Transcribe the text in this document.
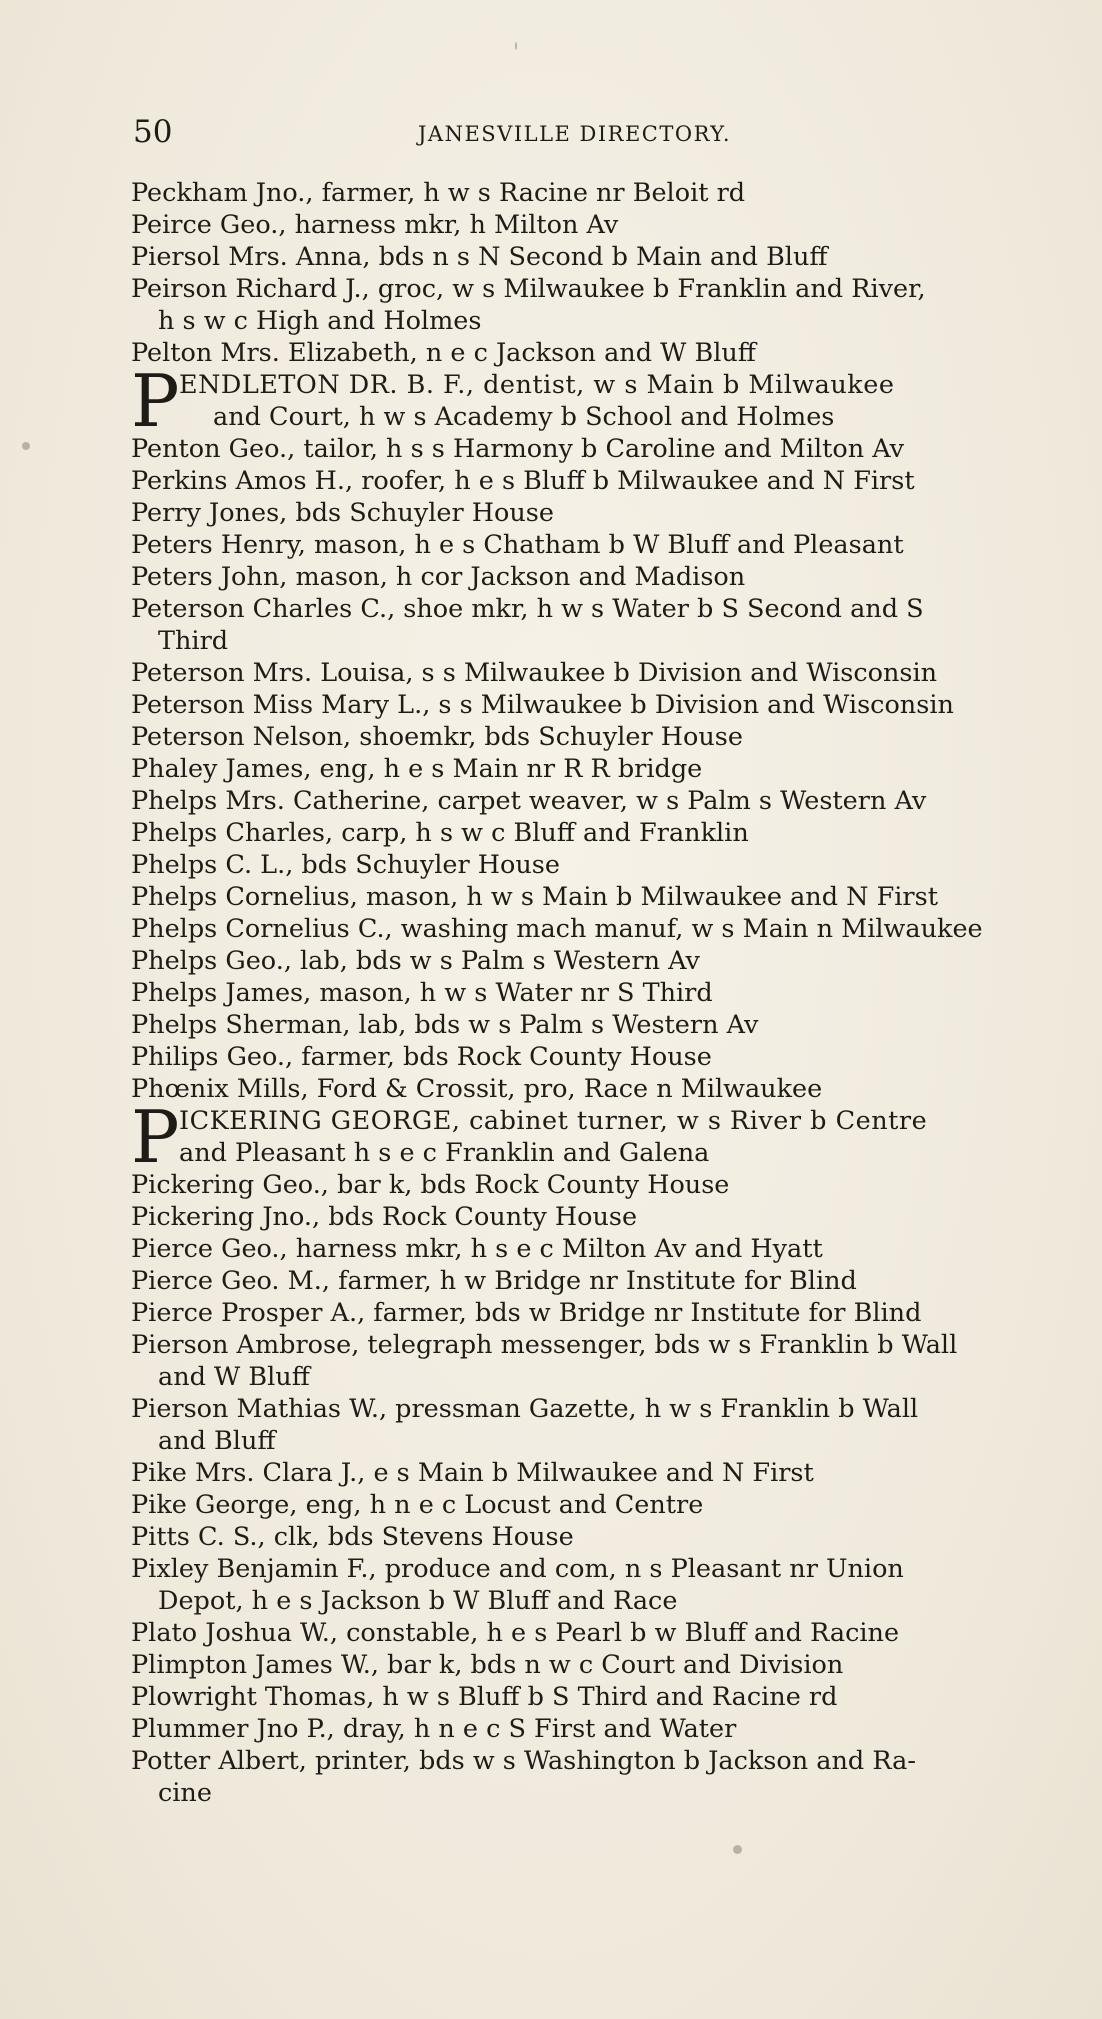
50	JANESVILLE DIRECTORY.
Peckham Jno., farmer, h w s Racine nr Beloit rd
Peirce Geo., harness mkr, h Milton Av
Piersol Mrs. Anna, bds n s N Second b Main and Bluff
Peirson Richard J., groc, w s Milwaukee b Franklin and River,
h s w c High and Holmes
Pelton Mrs. Elizabeth, n e c Jackson and W Bluff
P ENDLETON DR. B. F., dentist, w s Main b Milwaukee
and Court, h w s Academy b School and Holmes
Penton Geo., tailor, h s s Harmony b Caroline and Milton Av
Perkins Amos H., roofer, h e s Bluff b Milwaukee and N First
Perry Jones, bds Schuyler House
Peters Henry, mason, h e s Chatham b W Bluff and Pleasant
Peters John, mason, h cor Jackson and Madison
Peterson Charles C., shoe mkr, h w s Water b S Second and S
Third
Peterson Mrs. Louisa, s s Milwaukee b Division and Wisconsin
Peterson Miss Mary L., s s Milwaukee b Division and Wisconsin
Peterson Nelson, shoemkr, bds Schuyler House
Phaley James, eng, h e s Main nr R R bridge
Phelps Mrs. Catherine, carpet weaver, w s Palm s Western Av
Phelps Charles, carp, h s w c Bluff and Franklin
Phelps C. L., bds Schuyler House
Phelps Cornelius, mason, h w s Main b Milwaukee and N First
Phelps Cornelius C., washing mach manuf, w s Main n Milwaukee
Phelps Geo., lab, bds w s Palm s Western Av
Phelps James, mason, h w s Water nr S Third
Phelps Sherman, lab, bds w s Palm s Western Av
Philips Geo., farmer, bds Rock County House
Phœnix Mills, Ford & Crossit, pro, Race n Milwaukee
P ICKERING GEORGE, cabinet turner, w s River b Centre
and Pleasant h s e c Franklin and Galena
Pickering Geo., bar k, bds Rock County House
Pickering Jno., bds Rock County House
Pierce Geo., harness mkr, h s e c Milton Av and Hyatt
Pierce Geo. M., farmer, h w Bridge nr Institute for Blind
Pierce Prosper A., farmer, bds w Bridge nr Institute for Blind
Pierson Ambrose, telegraph messenger, bds w s Franklin b Wall
and W Bluff
Pierson Mathias W., pressman Gazette, h w s Franklin b Wall
and Bluff
Pike Mrs. Clara J., e s Main b Milwaukee and N First
Pike George, eng, h n e c Locust and Centre
Pitts C. S., clk, bds Stevens House
Pixley Benjamin F., produce and com, n s Pleasant nr Union
Depot, h e s Jackson b W Bluff and Race
Plato Joshua W., constable, h e s Pearl b w Bluff and Racine
Plimpton James W., bar k, bds n w c Court and Division
Plowright Thomas, h w s Bluff b S Third and Racine rd
Plummer Jno P., dray, h n e c S First and Water
Potter Albert, printer, bds w s Washington b Jackson and Ra-
cine
